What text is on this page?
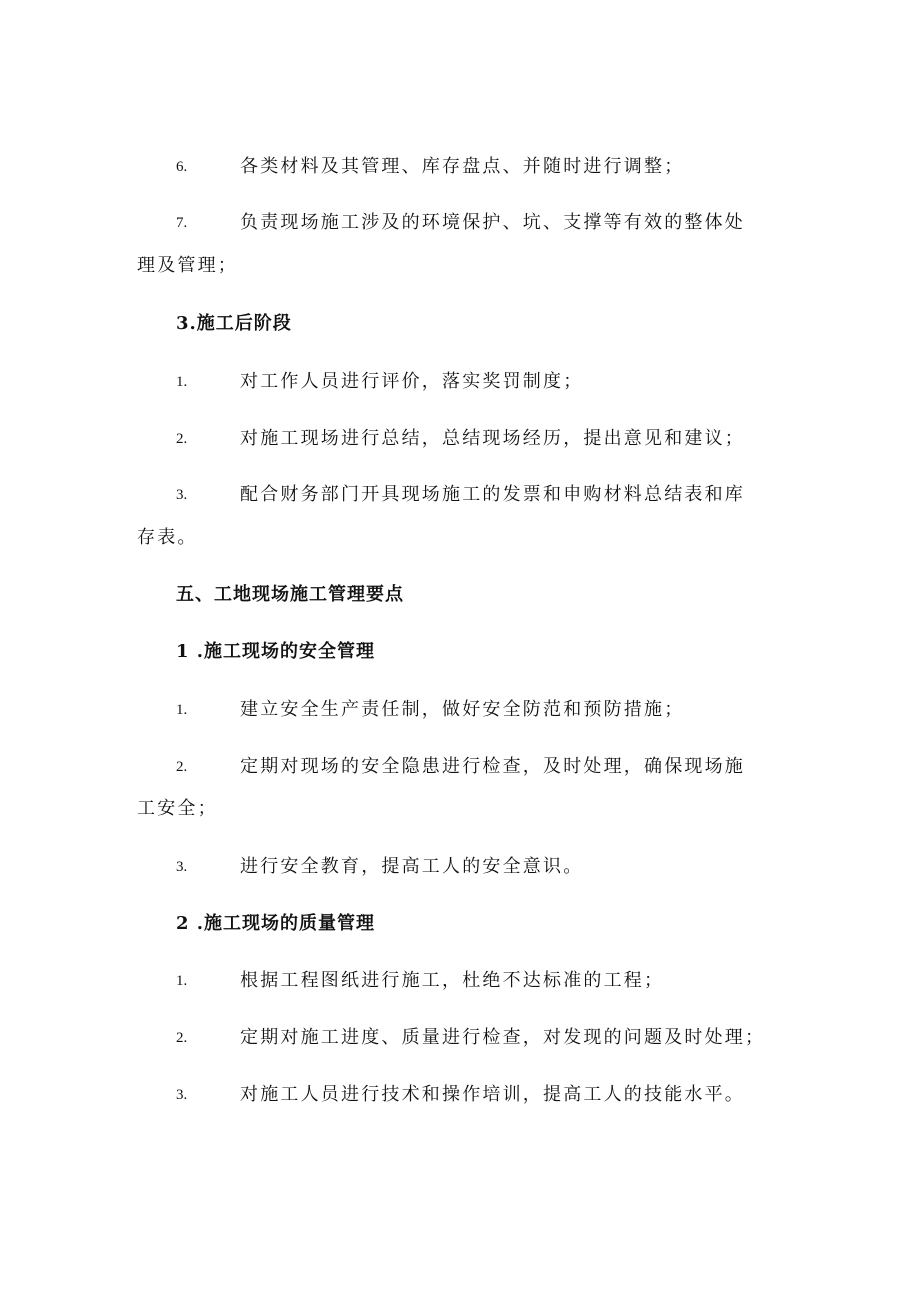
6.	各类材料及其管理、库存盘点、并随时进行调整；
7.	负责现场施工涉及的环境保护、坑、支撑等有效的整体处
理及管理；
3.施工后阶段
1.	对工作人员进行评价，落实奖罚制度；
2.	对施工现场进行总结，总结现场经历，提出意见和建议；
3.	配合财务部门开具现场施工的发票和申购材料总结表和库
存表。
五、工地现场施工管理要点
1 .施工现场的安全管理
1.	建立安全生产责任制，做好安全防范和预防措施；
2.	定期对现场的安全隐患进行检查，及时处理，确保现场施
工安全；
3.	进行安全教育，提高工人的安全意识。
2 .施工现场的质量管理
1.	根据工程图纸进行施工，杜绝不达标准的工程；
2.	定期对施工进度、质量进行检查，对发现的问题及时处理；
3.	对施工人员进行技术和操作培训，提高工人的技能水平。
